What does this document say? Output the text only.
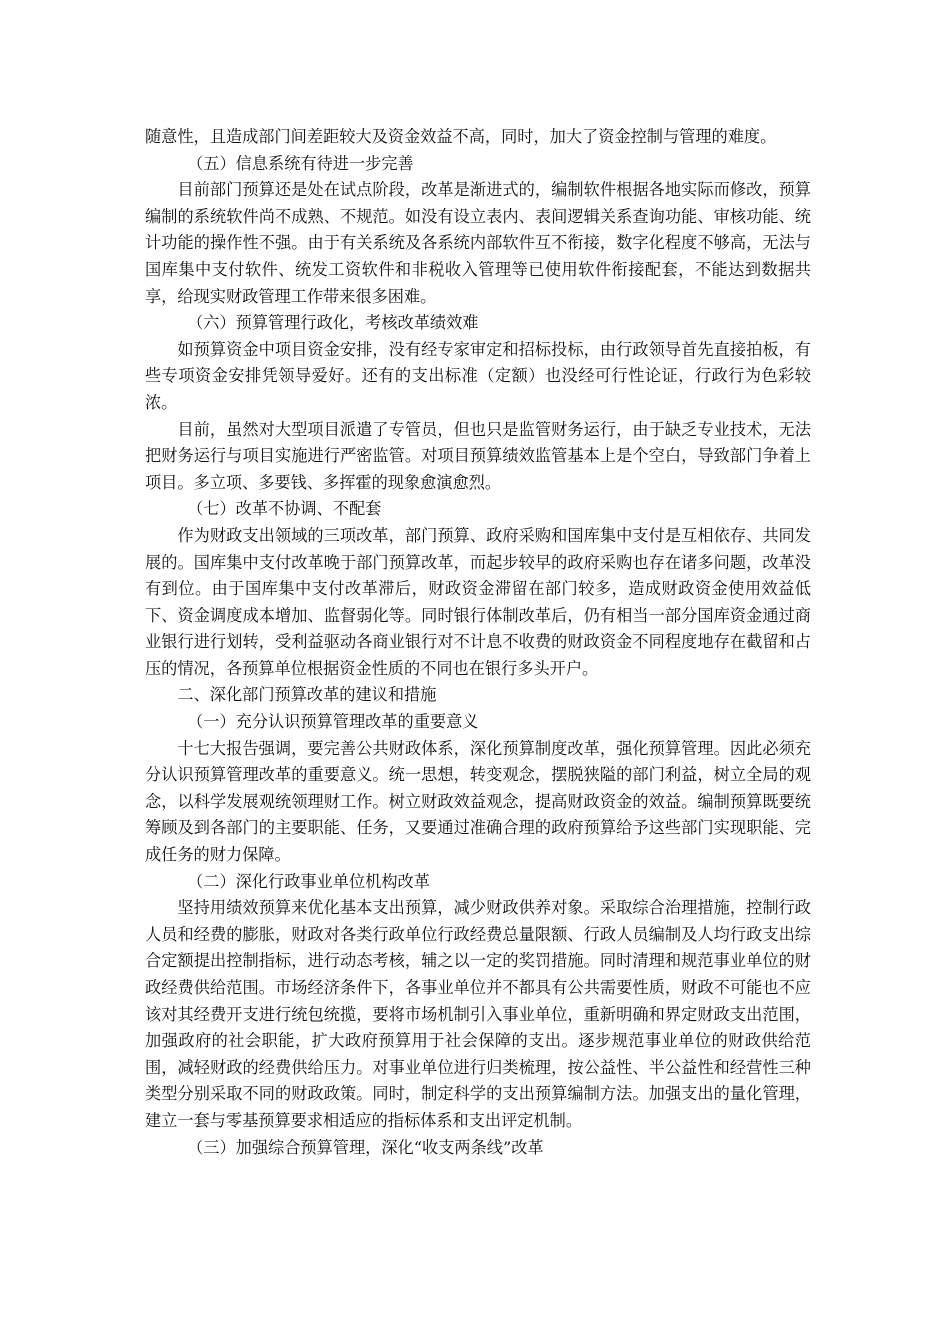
随意性，且造成部门间差距较大及资金效益不高，同时，加大了资金控制与管理的难度。

（五）信息系统有待进一步完善

目前部门预算还是处在试点阶段，改革是渐进式的，编制软件根据各地实际而修改，预算编制的系统软件尚不成熟、不规范。如没有设立表内、表间逻辑关系查询功能、审核功能、统计功能的操作性不强。由于有关系统及各系统内部软件互不衔接，数字化程度不够高，无法与国库集中支付软件、统发工资软件和非税收入管理等已使用软件衔接配套，不能达到数据共享，给现实财政管理工作带来很多困难。

（六）预算管理行政化，考核改革绩效难

如预算资金中项目资金安排，没有经专家审定和招标投标，由行政领导首先直接拍板，有些专项资金安排凭领导爱好。还有的支出标准（定额）也没经可行性论证，行政行为色彩较浓。

目前，虽然对大型项目派遣了专管员，但也只是监管财务运行，由于缺乏专业技术，无法把财务运行与项目实施进行严密监管。对项目预算绩效监管基本上是个空白，导致部门争着上项目。多立项、多要钱、多挥霍的现象愈演愈烈。

（七）改革不协调、不配套

作为财政支出领域的三项改革，部门预算、政府采购和国库集中支付是互相依存、共同发展的。国库集中支付改革晚于部门预算改革，而起步较早的政府采购也存在诸多问题，改革没有到位。由于国库集中支付改革滞后，财政资金滞留在部门较多，造成财政资金使用效益低下、资金调度成本增加、监督弱化等。同时银行体制改革后，仍有相当一部分国库资金通过商业银行进行划转，受利益驱动各商业银行对不计息不收费的财政资金不同程度地存在截留和占压的情况，各预算单位根据资金性质的不同也在银行多头开户。

二、深化部门预算改革的建议和措施

（一）充分认识预算管理改革的重要意义

十七大报告强调，要完善公共财政体系，深化预算制度改革，强化预算管理。因此必须充分认识预算管理改革的重要意义。统一思想，转变观念，摆脱狭隘的部门利益，树立全局的观念，以科学发展观统领理财工作。树立财政效益观念，提高财政资金的效益。编制预算既要统筹顾及到各部门的主要职能、任务，又要通过准确合理的政府预算给予这些部门实现职能、完成任务的财力保障。

（二）深化行政事业单位机构改革

坚持用绩效预算来优化基本支出预算，减少财政供养对象。采取综合治理措施，控制行政人员和经费的膨胀，财政对各类行政单位行政经费总量限额、行政人员编制及人均行政支出综合定额提出控制指标，进行动态考核，辅之以一定的奖罚措施。同时清理和规范事业单位的财政经费供给范围。市场经济条件下，各事业单位并不都具有公共需要性质，财政不可能也不应该对其经费开支进行统包统揽，要将市场机制引入事业单位，重新明确和界定财政支出范围，加强政府的社会职能，扩大政府预算用于社会保障的支出。逐步规范事业单位的财政供给范围，减轻财政的经费供给压力。对事业单位进行归类梳理，按公益性、半公益性和经营性三种类型分别采取不同的财政政策。同时，制定科学的支出预算编制方法。加强支出的量化管理，建立一套与零基预算要求相适应的指标体系和支出评定机制。

（三）加强综合预算管理，深化“收支两条线”改革
